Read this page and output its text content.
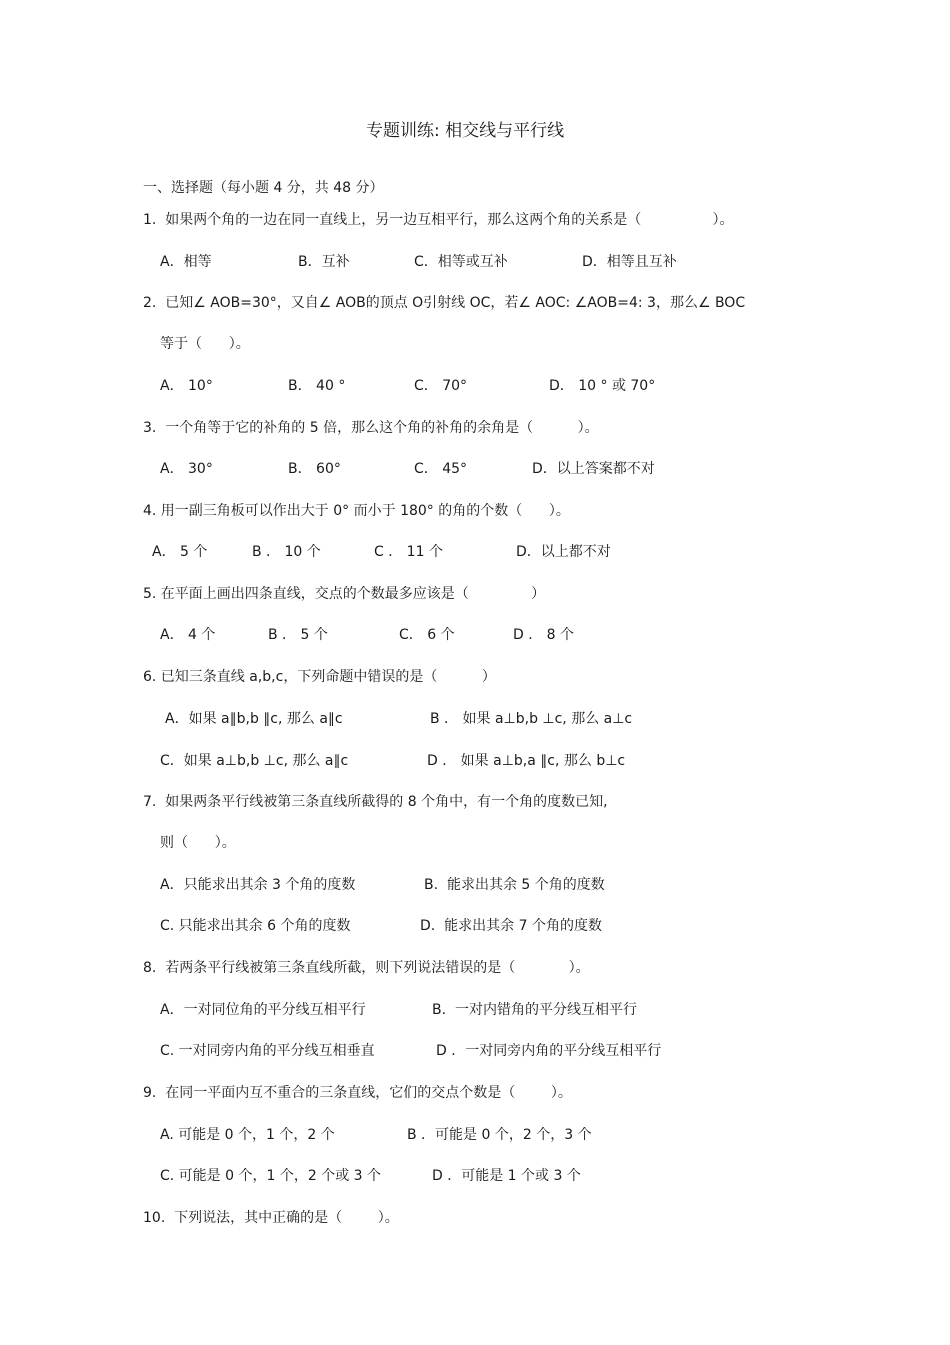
专题训练: 相交线与平行线
一、选择题（每小题 4 分，共 48 分）
1.  如果两个角的一边在同一直线上，另一边互相平行，那么这两个角的关系是（                ）。
A．相等	B．互补	C．相等或互补	D．相等且互补
2.  已知∠ AOB=30°，又自∠ AOB的顶点 O引射线 OC，若∠ AOC: ∠AOB=4: 3，那么∠ BOC
等于（      ）。
A． 10°	B． 40 °	C． 70°	D． 10 ° 或 70°
3.  一个角等于它的补角的 5 倍，那么这个角的补角的余角是（          ）。
A． 30°	B． 60°	C． 45°	D．以上答案都不对
4. 用一副三角板可以作出大于 0° 而小于 180° 的角的个数（      ）。
A． 5 个	B ． 10 个	C ． 11 个	D．以上都不对
5. 在平面上画出四条直线，交点的个数最多应该是（              ）
A． 4 个	B ． 5 个	C． 6 个	D ． 8 个
6. 已知三条直线 a,b,c，下列命题中错误的是（          ）
A．如果 a∥b,b ∥c, 那么 a∥c	B ． 如果 a⊥b,b ⊥c, 那么 a⊥c
C．如果 a⊥b,b ⊥c, 那么 a∥c	D ． 如果 a⊥b,a ∥c, 那么 b⊥c
7.  如果两条平行线被第三条直线所截得的 8 个角中，有一个角的度数已知,
则（      ）。
A．只能求出其余 3 个角的度数	B.  能求出其余 5 个角的度数
C. 只能求出其余 6 个角的度数	D.  能求出其余 7 个角的度数
8.  若两条平行线被第三条直线所截，则下列说法错误的是（            ）。
A．一对同位角的平分线互相平行	B.  一对内错角的平分线互相平行
C. 一对同旁内角的平分线互相垂直	D ．一对同旁内角的平分线互相平行
9.  在同一平面内互不重合的三条直线，它们的交点个数是（        ）。
A. 可能是 0 个，1 个，2 个	B ．可能是 0 个，2 个，3 个
C. 可能是 0 个，1 个，2 个或 3 个	D ．可能是 1 个或 3 个
10.  下列说法，其中正确的是（        ）。
